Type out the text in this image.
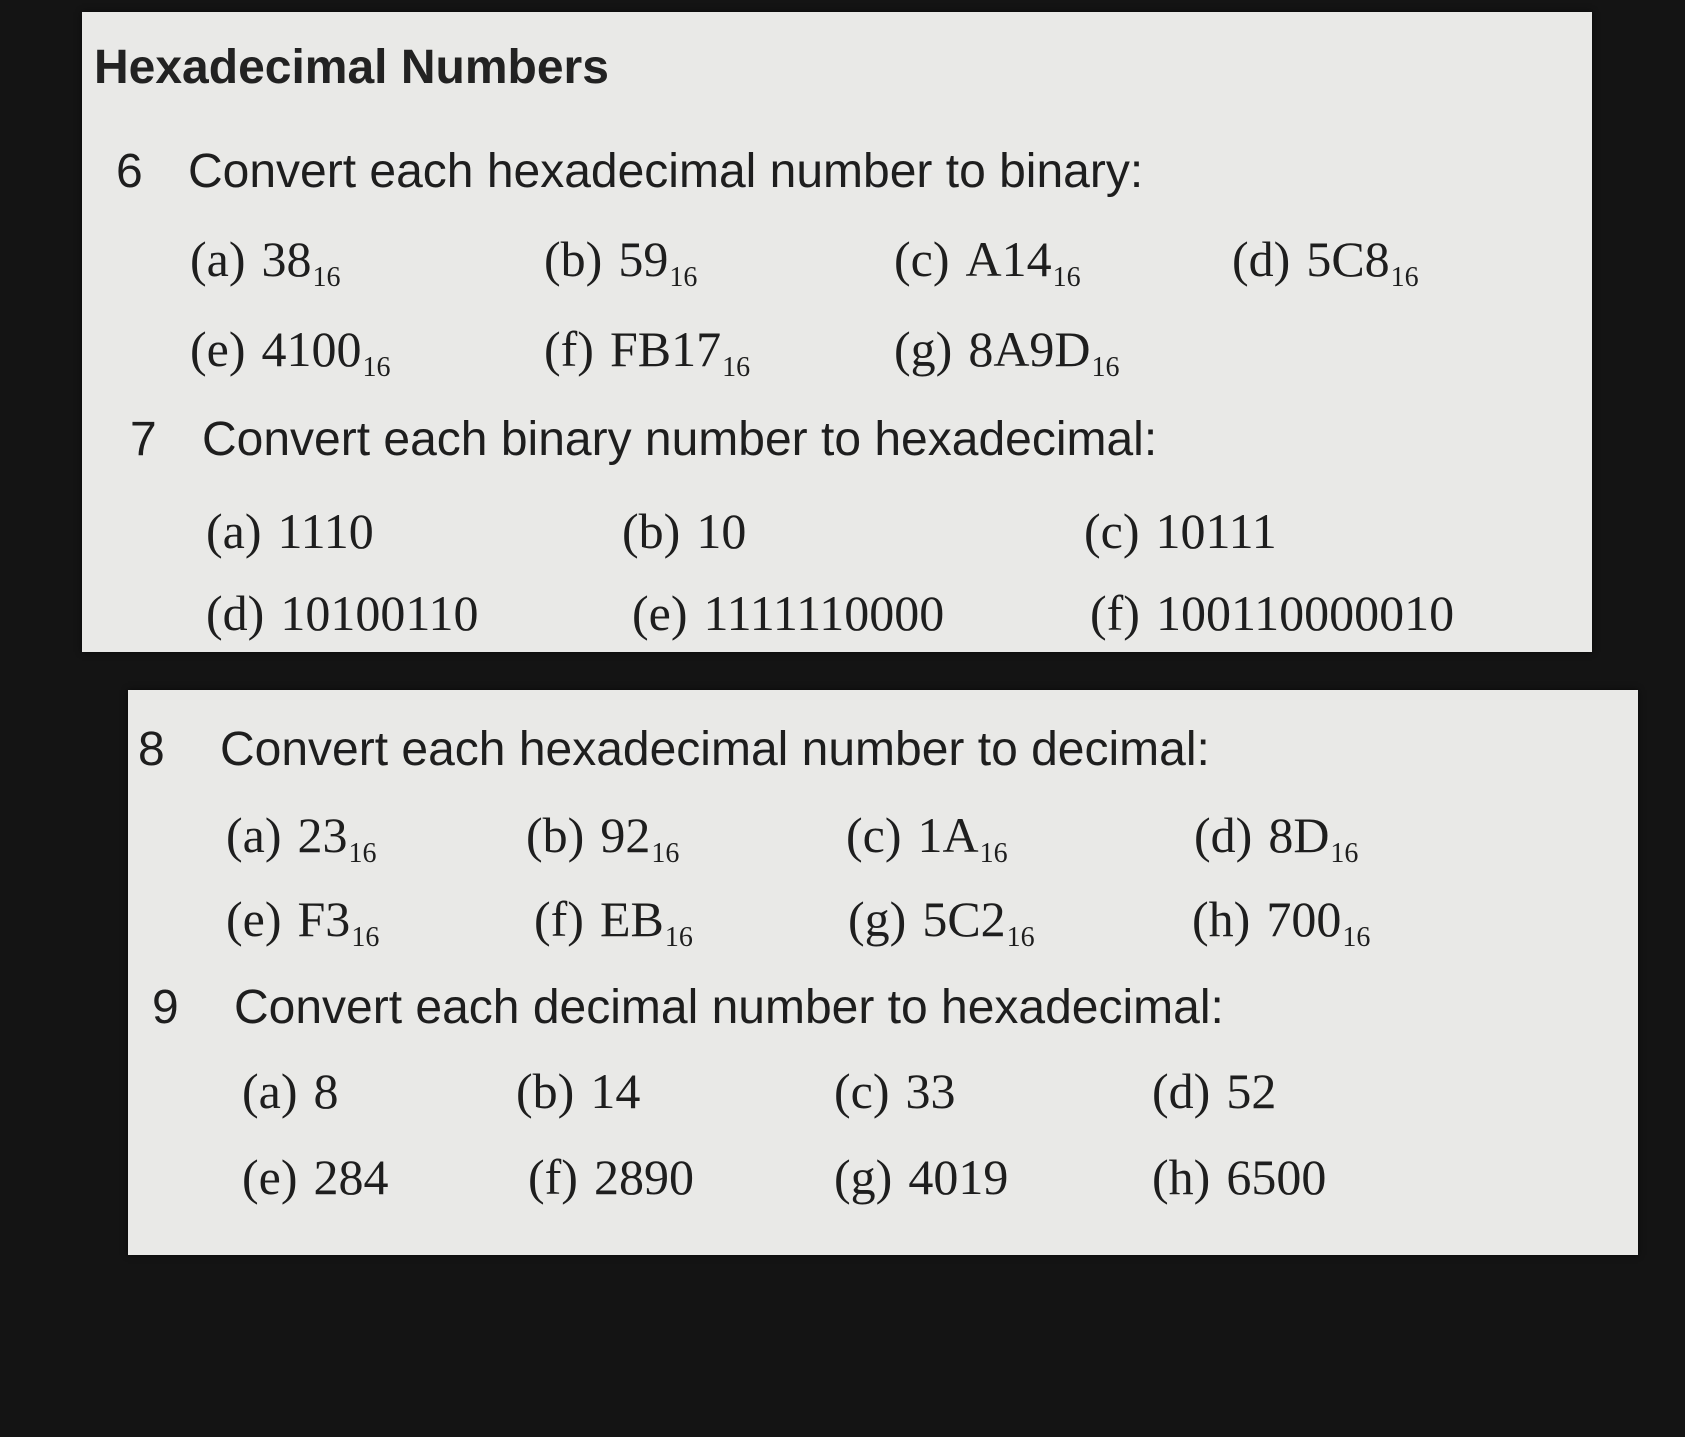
Hexadecimal Numbers
6 Convert each hexadecimal number to binary:
(a) $38_{16}$	(b) $59_{16}$	(c) $A14_{16}$	(d) $5C8_{16}$
(e) $4100_{16}$	(f) $FB17_{16}$	(g) $8A9D_{16}$
7 Convert each binary number to hexadecimal:
(a) 1110	(b) 10	(c) 10111
(d) 10100110	(e) 1111110000	(f) 100110000010
8 Convert each hexadecimal number to decimal:
(a) $23_{16}$	(b) $92_{16}$	(c) $1A_{16}$	(d) $8D_{16}$
(e) $F3_{16}$	(f) $EB_{16}$	(g) $5C2_{16}$	(h) $700_{16}$
9 Convert each decimal number to hexadecimal:
(a) 8	(b) 14	(c) 33	(d) 52
(e) 284	(f) 2890	(g) 4019	(h) 6500
